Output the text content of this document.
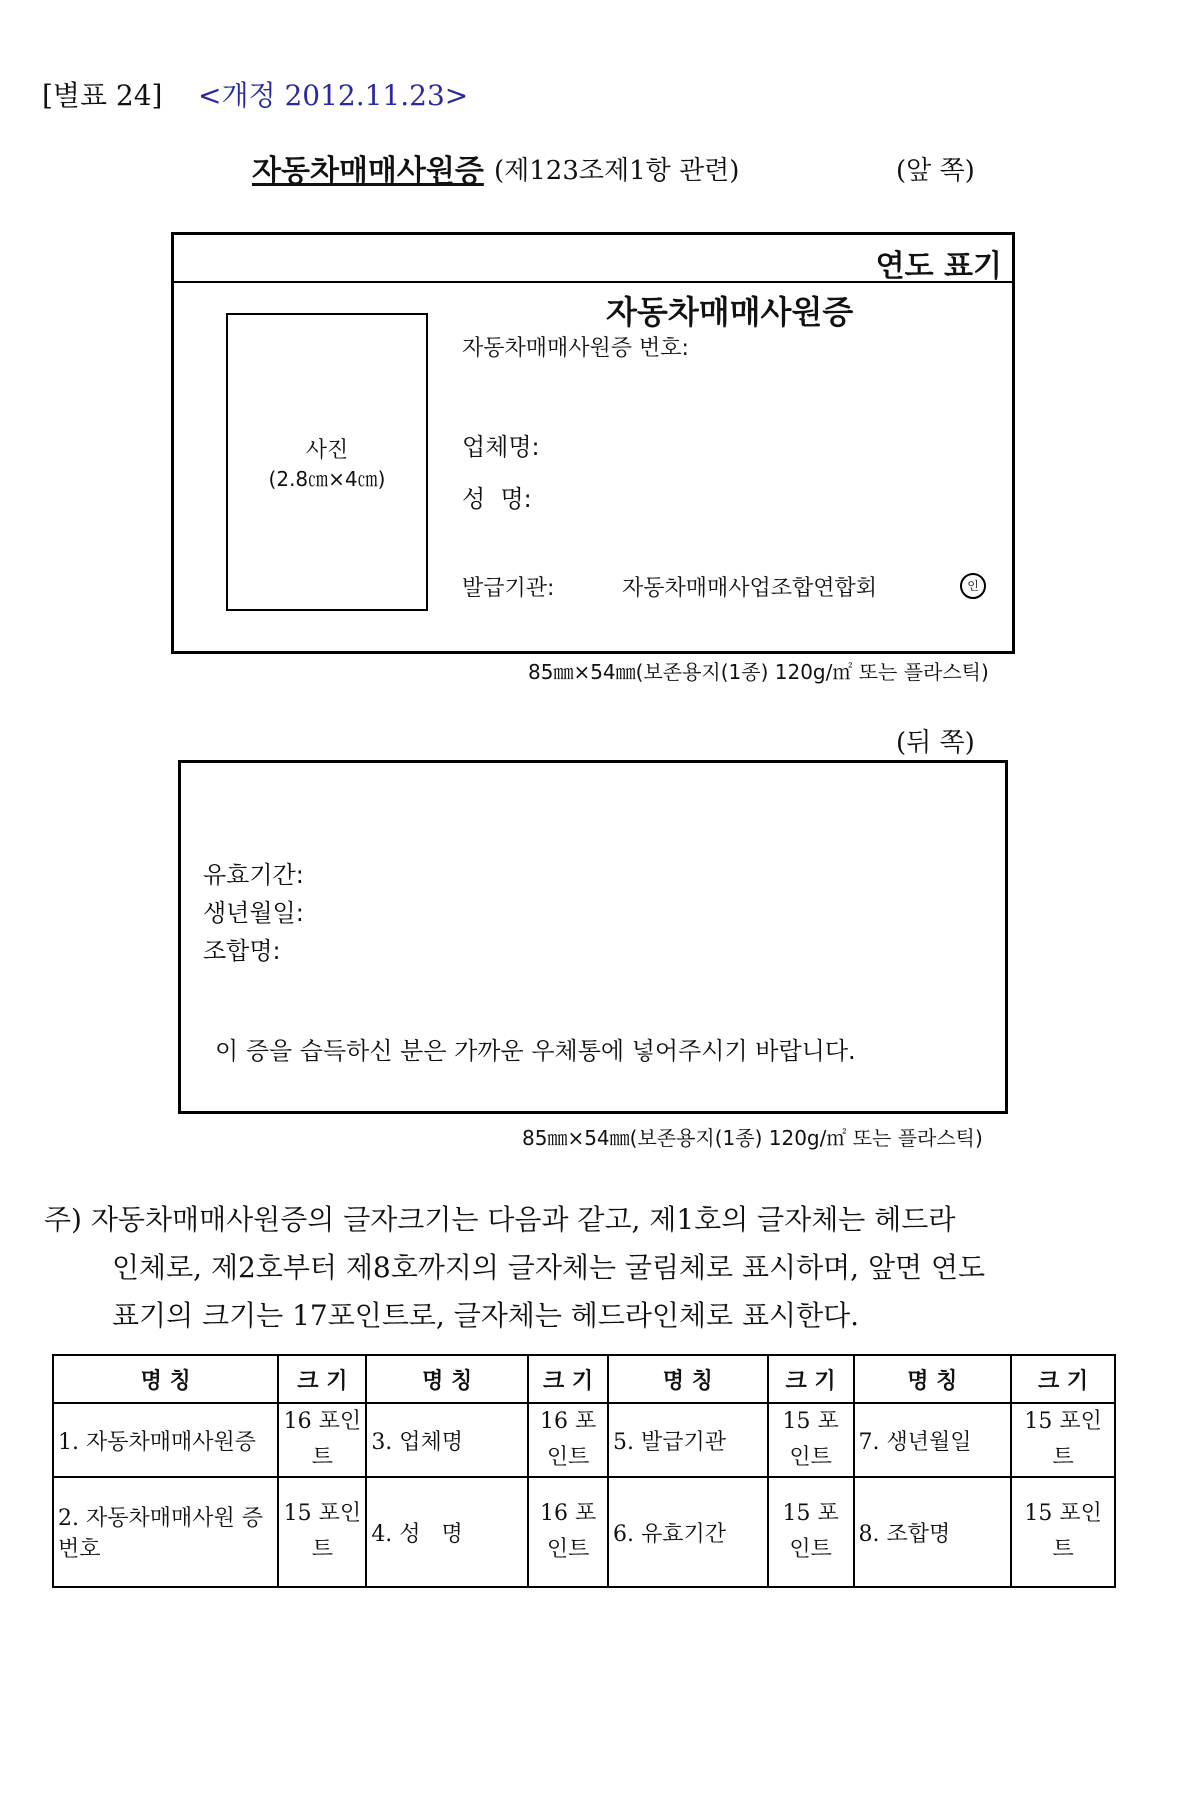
[별표 24] <개정 2012.11.23>
자동차매매사원증 (제123조제1항 관련)	(앞 쪽)
연도 표기
자동차매매사원증
사진
(2.8㎝×4㎝)
자동차매매사원증 번호:
업체명:
성  명:
발급기관:	자동차매매사업조합연합회	인
85㎜×54㎜(보존용지(1종) 120g/㎡ 또는 플라스틱)
(뒤 쪽)
유효기간:
생년월일:
조합명:
이 증을 습득하신 분은 가까운 우체통에 넣어주시기 바랍니다.
85㎜×54㎜(보존용지(1종) 120g/㎡ 또는 플라스틱)
주) 자동차매매사원증의 글자크기는 다음과 같고, 제1호의 글자체는 헤드라
인체로, 제2호부터 제8호까지의 글자체는 굴림체로 표시하며, 앞면 연도
표기의 크기는 17포인트로, 글자체는 헤드라인체로 표시한다.
명 칭	크 기	명 칭	크 기	명 칭	크 기	명 칭	크 기
1. 자동차매매사원증	16 포인트	3. 업체명	16 포인트	5. 발급기관	15 포인트	7. 생년월일	15 포인트
2. 자동차매매사원 증 번호	15 포인트	4. 성   명	16 포인트	6. 유효기간	15 포인트	8. 조합명	15 포인트
